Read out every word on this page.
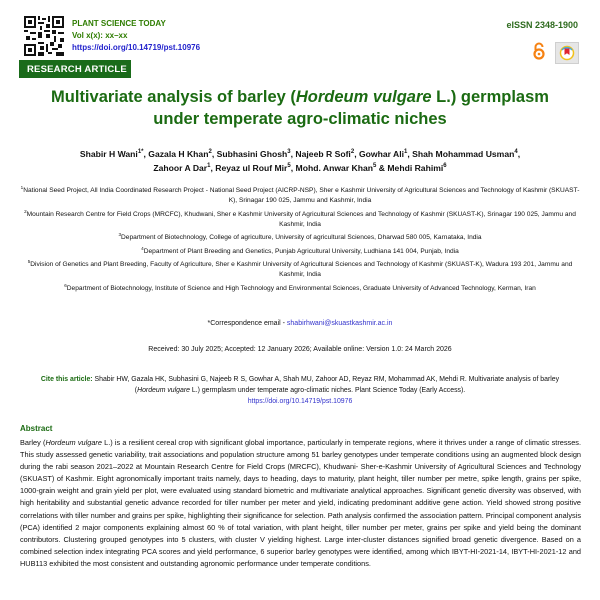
PLANT SCIENCE TODAY
Vol x(x): xx–xx
https://doi.org/10.14719/pst.10976
eISSN 2348-1900
RESEARCH ARTICLE
Multivariate analysis of barley (Hordeum vulgare L.) germplasm
under temperate agro-climatic niches
Shabir H Wani$^{1*}$, Gazala H Khan$^2$, Subhasini Ghosh$^3$, Najeeb R Sofi$^2$, Gowhar Ali$^1$, Shah Mohammad Usman$^4$,
Zahoor A Dar$^1$, Reyaz ul Rouf Mir$^5$, Mohd. Anwar Khan$^5$ & Mehdi Rahimi$^6$

$^1$National Seed Project, All India Coordinated Research Project - National Seed Project (AICRP-NSP), Sher e Kashmir University of Agricultural Sciences and Technology of Kashmir (SKUAST-K), Srinagar 190 025, Jammu and Kashmir, India

$^2$Mountain Research Centre for Field Crops (MRCFC), Khudwani, Sher e Kashmir University of Agricultural Sciences and Technology of Kashmir (SKUAST-K), Srinagar 190 025, Jammu and Kashmir, India

$^3$Department of Biotechnology, College of agriculture, University of agricultural Sciences, Dharwad 580 005, Karnataka, India

$^4$Department of Plant Breeding and Genetics, Punjab Agricultural University, Ludhiana 141 004, Punjab, India

$^5$Division of Genetics and Plant Breeding, Faculty of Agriculture, Sher e Kashmir University of Agricultural Sciences and Technology of Kashmir (SKUAST-K), Wadura 193 201, Jammu and Kashmir, India

$^6$Department of Biotechnology, Institute of Science and High Technology and Environmental Sciences, Graduate University of Advanced Technology, Kerman, Iran

*Correspondence email - shabirhwani@skuastkashmir.ac.in
Received: 30 July 2025; Accepted: 12 January 2026; Available online: Version 1.0: 24 March 2026
Cite this article: Shabir HW, Gazala HK, Subhasini G, Najeeb R S, Gowhar A, Shah MU, Zahoor AD, Reyaz RM, Mohammad AK, Mehdi R. Multivariate analysis of barley (Hordeum vulgare L.) germplasm under temperate agro-climatic niches. Plant Science Today (Early Access).
https://doi.org/10.14719/pst.10976
Abstract
Barley (Hordeum vulgare L.) is a resilient cereal crop with significant global importance, particularly in temperate regions, where it thrives under a range of climatic stresses. This study assessed genetic variability, trait associations and population structure among 51 barley genotypes under temperate conditions using an augmented block design during the rabi season 2021–2022 at Mountain Research Centre for Field Crops (MRCFC), Khudwani- Sher-e-Kashmir University of Agricultural Sciences and Technology (SKUAST) of Kashmir. Eight agronomically important traits namely, days to heading, days to maturity, plant height, tiller number per metre, spike length, grains per spike, 1000-grain weight and grain yield per plot, were evaluated using standard biometric and multivariate analytical approaches. Significant genetic diversity was observed, with high heritability and substantial genetic advance recorded for tiller number per meter and yield, indicating predominant additive gene action. Yield showed strong positive correlations with tiller number and grains per spike, highlighting their significance for selection. Path analysis confirmed the association pattern. Principal component analysis (PCA) identified 2 major components explaining almost 60 % of total variation, with plant height, tiller number per meter, grains per spike and yield being the dominant contributors. Clustering grouped genotypes into 5 clusters, with cluster V yielding highest. Large inter-cluster distances signified broad genetic divergence. Based on a combined selection index integrating PCA scores and yield performance, 6 superior barley genotypes were identified, among which IBYT-HI-2021-14, IBYT-HI-2021-12 and HUB113 exhibited the most consistent and outstanding agronomic performance under temperate conditions.
